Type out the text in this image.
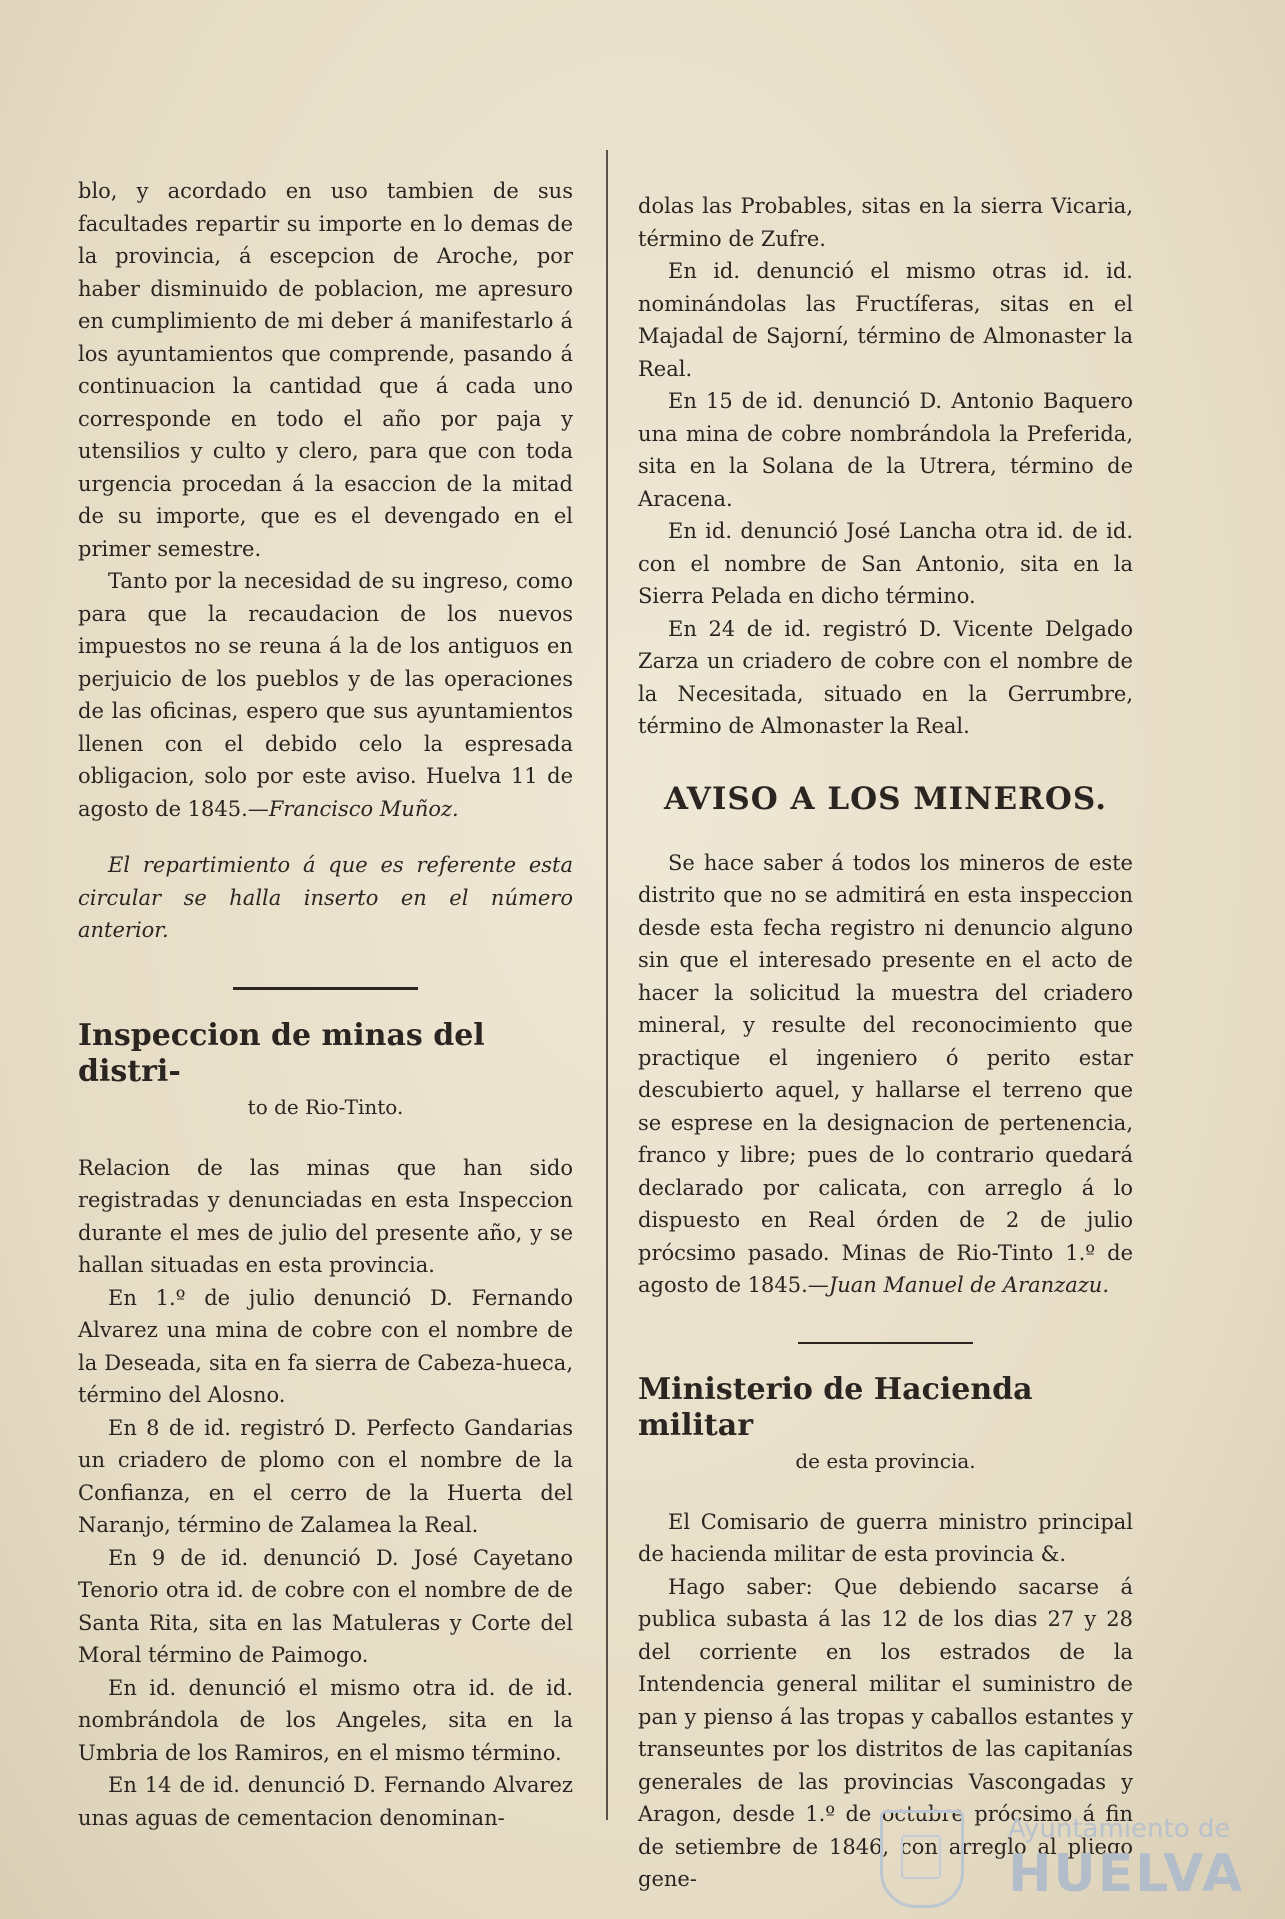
blo, y acordado en uso tambien de sus facultades repartir su importe en lo demas de la provincia, á escepcion de Aroche, por haber disminuido de poblacion, me apresuro en cumplimiento de mi deber á manifestarlo á los ayuntamientos que comprende, pasando á continuacion la cantidad que á cada uno corresponde en todo el año por paja y utensilios y culto y clero, para que con toda urgencia procedan á la esaccion de la mitad de su importe, que es el devengado en el primer semestre.

Tanto por la necesidad de su ingreso, como para que la recaudacion de los nuevos impuestos no se reuna á la de los antiguos en perjuicio de los pueblos y de las operaciones de las oficinas, espero que sus ayuntamientos llenen con el debido celo la espresada obligacion, solo por este aviso. Huelva 11 de agosto de 1845.—Francisco Muñoz.

El repartimiento á que es referente esta circular se halla inserto en el número anterior.

Inspeccion de minas del distri-
to de Rio-Tinto.

Relacion de las minas que han sido registradas y denunciadas en esta Inspeccion durante el mes de julio del presente año, y se hallan situadas en esta provincia.

En 1.º de julio denunció D. Fernando Alvarez una mina de cobre con el nombre de la Deseada, sita en fa sierra de Cabeza-hueca, término del Alosno.

En 8 de id. registró D. Perfecto Gandarias un criadero de plomo con el nombre de la Confianza, en el cerro de la Huerta del Naranjo, término de Zalamea la Real.

En 9 de id. denunció D. José Cayetano Tenorio otra id. de cobre con el nombre de de Santa Rita, sita en las Matuleras y Corte del Moral término de Paimogo.

En id. denunció el mismo otra id. de id. nombrándola de los Angeles, sita en la Umbria de los Ramiros, en el mismo término.

En 14 de id. denunció D. Fernando Alvarez unas aguas de cementacion denominan-

dolas las Probables, sitas en la sierra Vicaria, término de Zufre.

En id. denunció el mismo otras id. id. nominándolas las Fructíferas, sitas en el Majadal de Sajorní, término de Almonaster la Real.

En 15 de id. denunció D. Antonio Baquero una mina de cobre nombrándola la Preferida, sita en la Solana de la Utrera, término de Aracena.

En id. denunció José Lancha otra id. de id. con el nombre de San Antonio, sita en la Sierra Pelada en dicho término.

En 24 de id. registró D. Vicente Delgado Zarza un criadero de cobre con el nombre de la Necesitada, situado en la Gerrumbre, término de Almonaster la Real.

AVISO A LOS MINEROS.

Se hace saber á todos los mineros de este distrito que no se admitirá en esta inspeccion desde esta fecha registro ni denuncio alguno sin que el interesado presente en el acto de hacer la solicitud la muestra del criadero mineral, y resulte del reconocimiento que practique el ingeniero ó perito estar descubierto aquel, y hallarse el terreno que se esprese en la designacion de pertenencia, franco y libre; pues de lo contrario quedará declarado por calicata, con arreglo á lo dispuesto en Real órden de 2 de julio prócsimo pasado. Minas de Rio-Tinto 1.º de agosto de 1845.—Juan Manuel de Aranzazu.

Ministerio de Hacienda militar
de esta provincia.

El Comisario de guerra ministro principal de hacienda militar de esta provincia &.

Hago saber: Que debiendo sacarse á publica subasta á las 12 de los dias 27 y 28 del corriente en los estrados de la Intendencia general militar el suministro de pan y pienso á las tropas y caballos estantes y transeuntes por los distritos de las capitanías generales de las provincias Vascongadas y Aragon, desde 1.º de octubre prócsimo á fin de setiembre de 1846, con arreglo al pliego gene-

Ayuntamiento de
HUELVA
